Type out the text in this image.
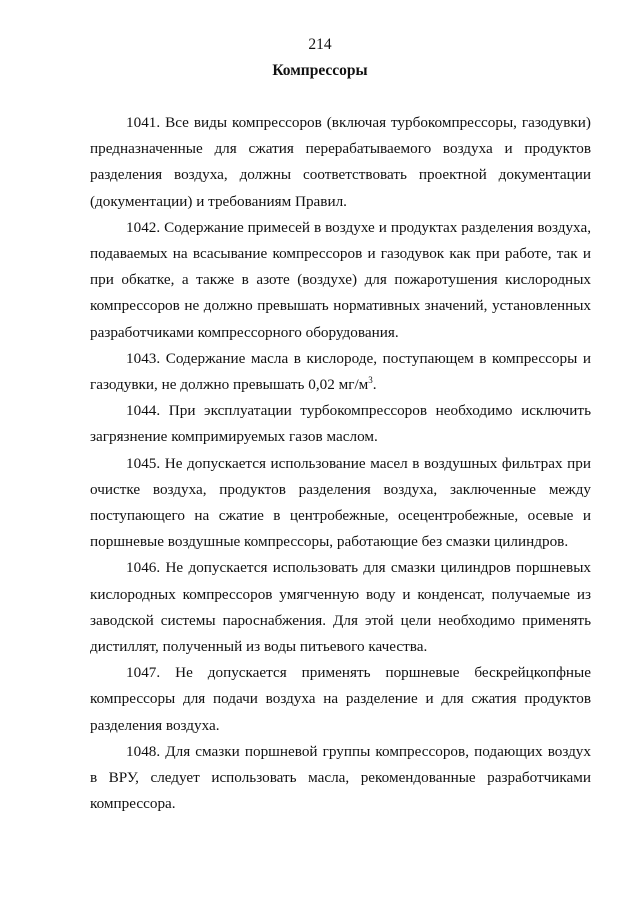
214
Компрессоры

1041. Все виды компрессоров (включая турбокомпрессоры, газодувки) предназначенные для сжатия перерабатываемого воздуха и продуктов разделения воздуха, должны соответствовать проектной документации (документации) и требованиям Правил.

1042. Содержание примесей в воздухе и продуктах разделения воздуха, подаваемых на всасывание компрессоров и газодувок как при работе, так и при обкатке, а также в азоте (воздухе) для пожаротушения кислородных компрессоров не должно превышать нормативных значений, установленных разработчиками компрессорного оборудования.

1043. Содержание масла в кислороде, поступающем в компрессоры и газодувки, не должно превышать 0,02 $мг/м^3$.

1044. При эксплуатации турбокомпрессоров необходимо исключить загрязнение компримируемых газов маслом.

1045. Не допускается использование масел в воздушных фильтрах при очистке воздуха, продуктов разделения воздуха, заключенные между поступающего на сжатие в центробежные, осецентробежные, осевые и поршневые воздушные компрессоры, работающие без смазки цилиндров.

1046. Не допускается использовать для смазки цилиндров поршневых кислородных компрессоров умягченную воду и конденсат, получаемые из заводской системы пароснабжения. Для этой цели необходимо применять дистиллят, полученный из воды питьевого качества.

1047. Не допускается применять поршневые бескрейцкопфные компрессоры для подачи воздуха на разделение и для сжатия продуктов разделения воздуха.

1048. Для смазки поршневой группы компрессоров, подающих воздух в ВРУ, следует использовать масла, рекомендованные разработчиками компрессора.
